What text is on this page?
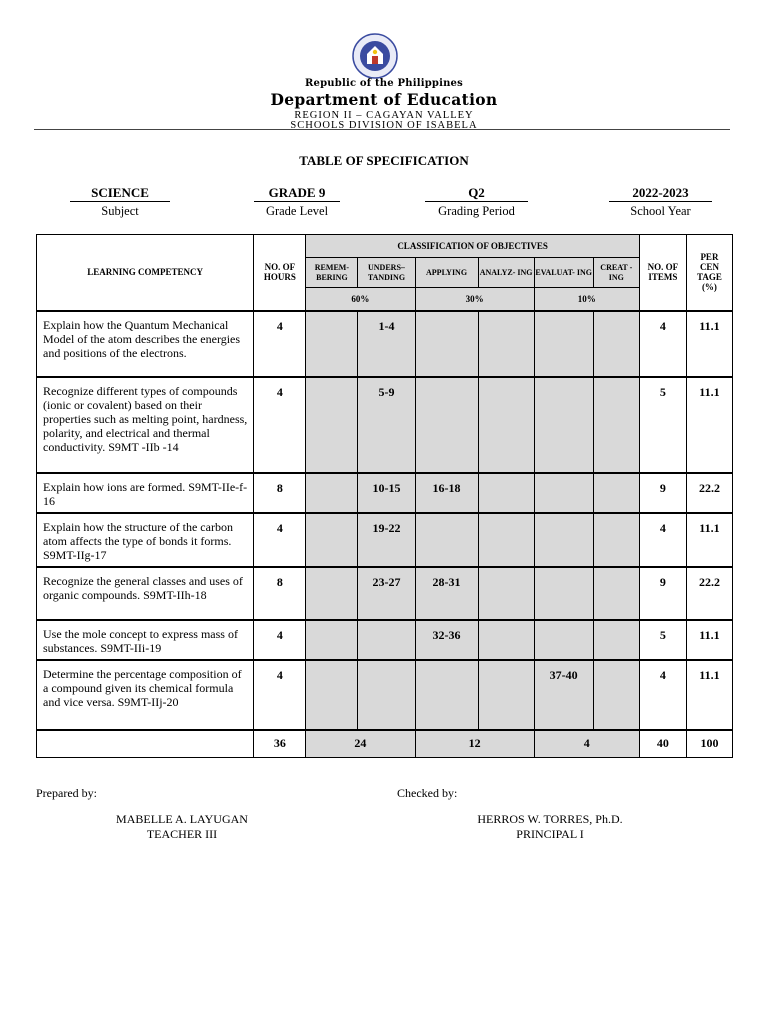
Republic of the Philippines
Department of Education
REGION II – CAGAYAN VALLEY
SCHOOLS DIVISION OF ISABELA
TABLE OF SPECIFICATION
SCIENCE
Subject
GRADE 9
Grade Level
Q2
Grading Period
2022-2023
School Year
LEARNING COMPETENCY	NO. OF HOURS	CLASSIFICATION OF OBJECTIVES						NO. OF ITEMS	PER CEN TAGE (%)
		REMEM-BERING	UNDERS– TANDING	APPLYING	ANALYZ- ING	EVALUAT- ING	CREAT -ING		
		60%		30%		10%			
Explain how the Quantum Mechanical Model of the atom describes the energies and positions of the electrons.	4		1-4					4	11.1
Recognize different types of compounds (ionic or covalent) based on their properties such as melting point, hardness, polarity, and electrical and thermal conductivity. S9MT -IIb -14	4		5-9					5	11.1
Explain how ions are formed. S9MT-IIe-f-16	8		10-15	16-18				9	22.2
Explain how the structure of the carbon atom affects the type of bonds it forms. S9MT-IIg-17	4		19-22					4	11.1
Recognize the general classes and uses of organic compounds. S9MT-IIh-18	8		23-27	28-31				9	22.2
Use the mole concept to express mass of substances. S9MT-IIi-19	4			32-36				5	11.1
Determine the percentage composition of a compound given its chemical formula and vice versa. S9MT-IIj-20	4					37-40		4	11.1
	36	24		12		4		40	100
Prepared by:	Checked by:
MABELLE A. LAYUGAN
TEACHER III
HERROS W. TORRES, Ph.D.
PRINCIPAL I
